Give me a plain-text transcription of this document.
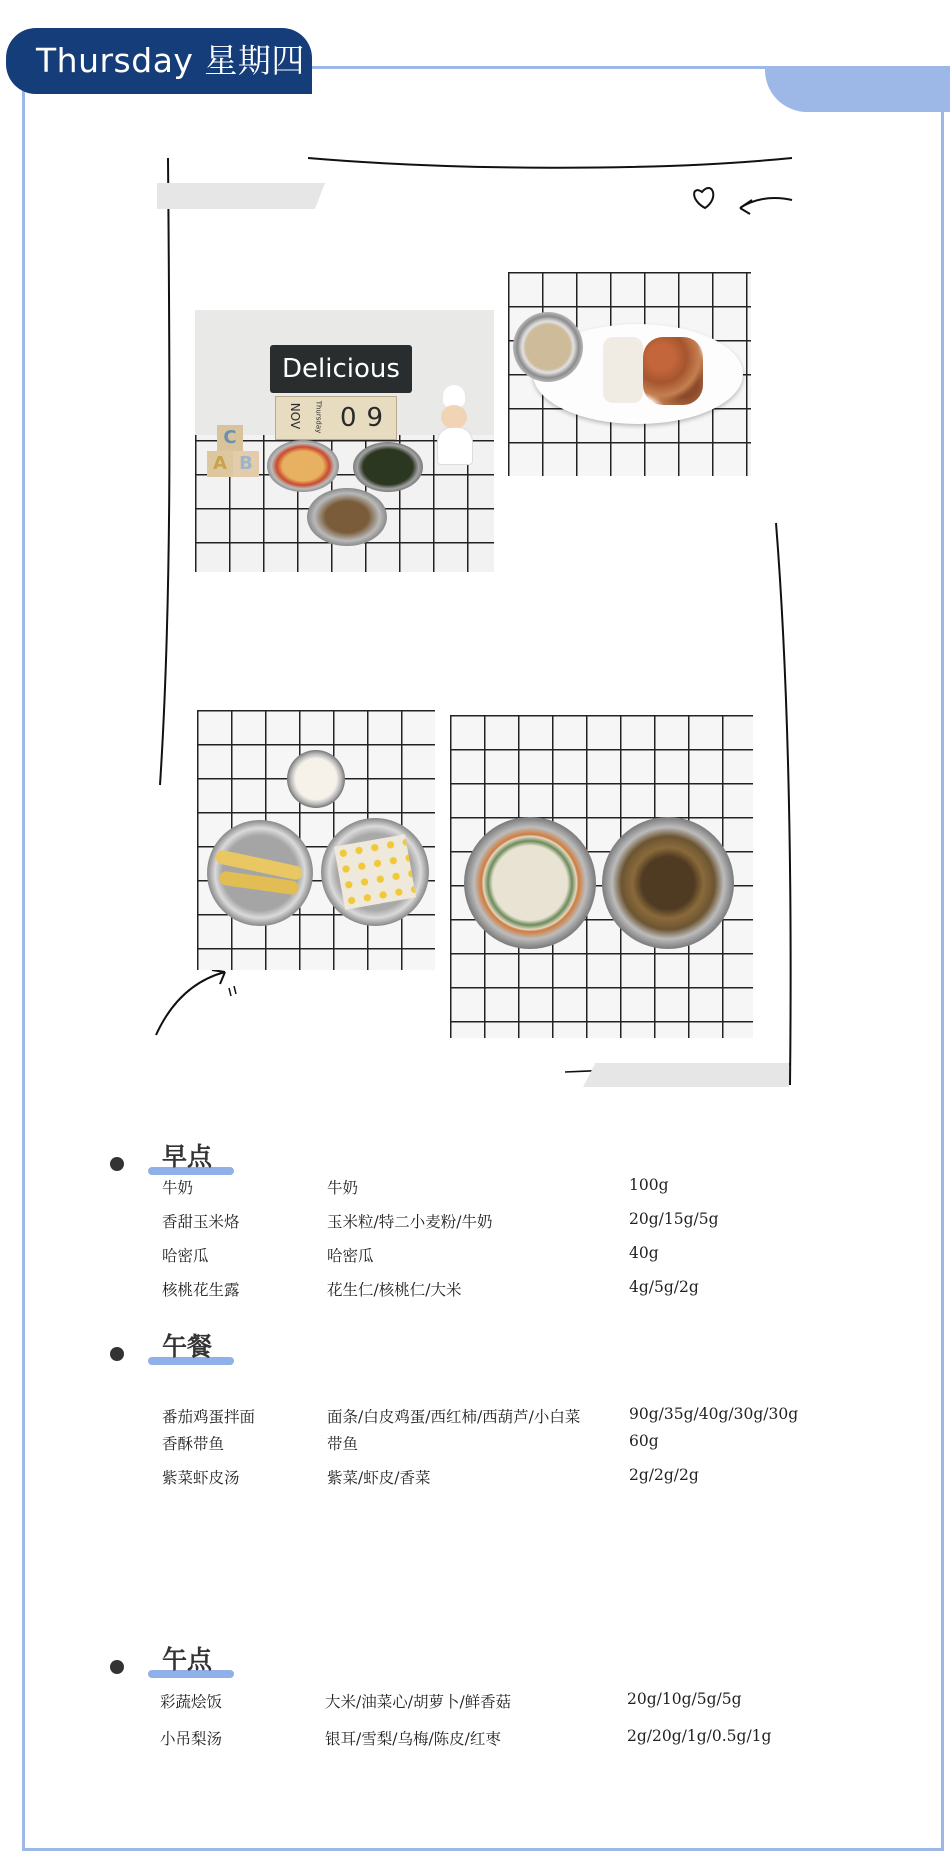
Thursday 星期四
Delicious
NOV Thursday 09
C
A B
早点
牛奶	牛奶	100g
香甜玉米烙	玉米粒/特二小麦粉/牛奶	20g/15g/5g
哈密瓜	哈密瓜	40g
核桃花生露	花生仁/核桃仁/大米	4g/5g/2g
午餐
番茄鸡蛋拌面	面条/白皮鸡蛋/西红柿/西葫芦/小白菜	90g/35g/40g/30g/30g
香酥带鱼	带鱼	60g
紫菜虾皮汤	紫菜/虾皮/香菜	2g/2g/2g
午点
彩蔬烩饭	大米/油菜心/胡萝卜/鲜香菇	20g/10g/5g/5g
小吊梨汤	银耳/雪梨/乌梅/陈皮/红枣	2g/20g/1g/0.5g/1g
